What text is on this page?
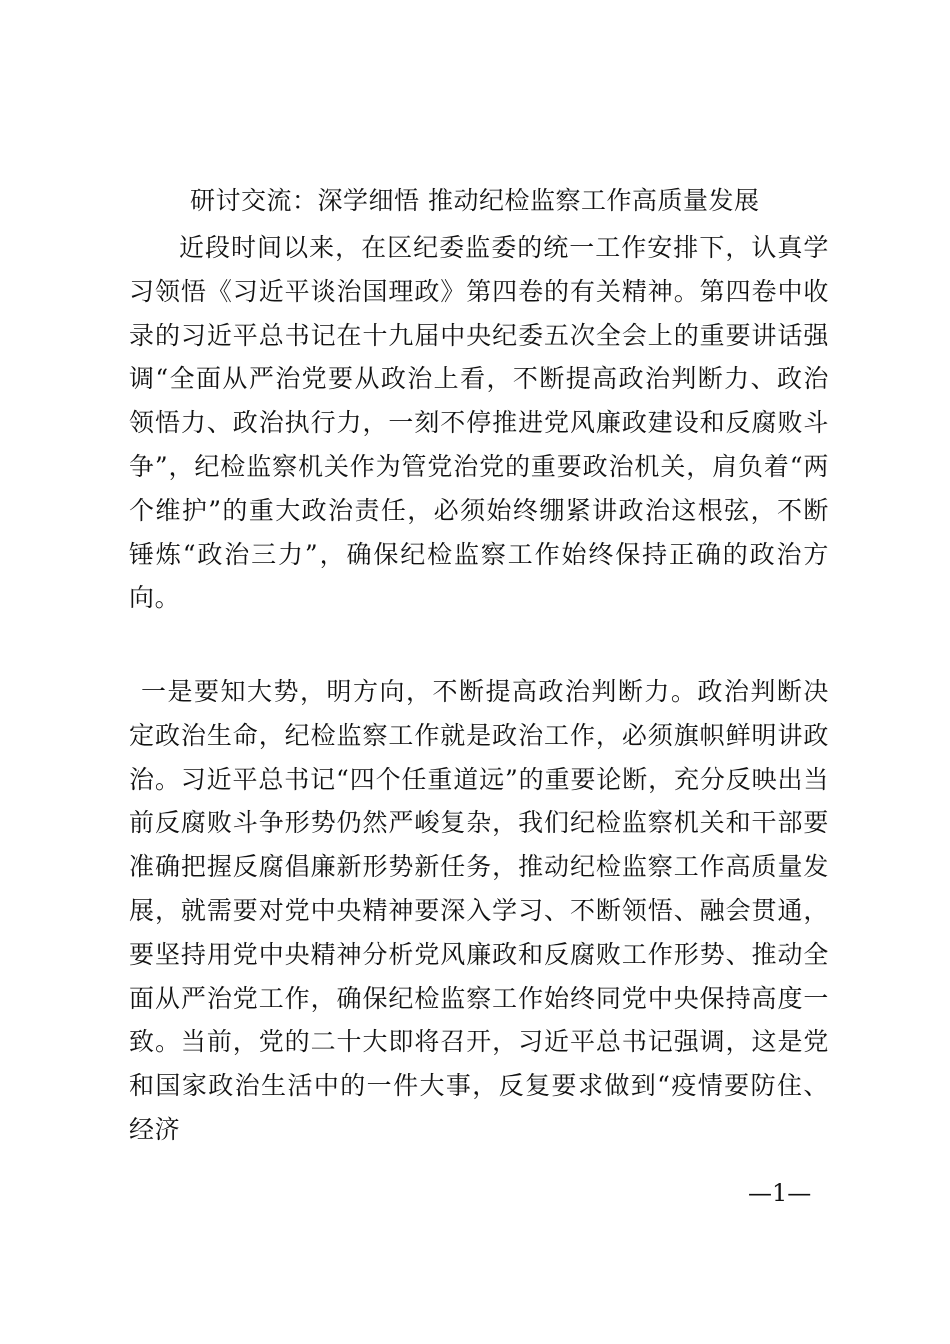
研讨交流：深学细悟 推动纪检监察工作高质量发展

近段时间以来，在区纪委监委的统一工作安排下，认真学习领悟《习近平谈治国理政》第四卷的有关精神。第四卷中收录的习近平总书记在十九届中央纪委五次全会上的重要讲话强调“全面从严治党要从政治上看，不断提高政治判断力、政治领悟力、政治执行力，一刻不停推进党风廉政建设和反腐败斗争”，纪检监察机关作为管党治党的重要政治机关，肩负着“两个维护”的重大政治责任，必须始终绷紧讲政治这根弦，不断锤炼“政治三力”，确保纪检监察工作始终保持正确的政治方向。

一是要知大势，明方向，不断提高政治判断力。政治判断决定政治生命，纪检监察工作就是政治工作，必须旗帜鲜明讲政治。习近平总书记“四个任重道远”的重要论断，充分反映出当前反腐败斗争形势仍然严峻复杂，我们纪检监察机关和干部要准确把握反腐倡廉新形势新任务，推动纪检监察工作高质量发展，就需要对党中央精神要深入学习、不断领悟、融会贯通，要坚持用党中央精神分析党风廉政和反腐败工作形势、推动全面从严治党工作，确保纪检监察工作始终同党中央保持高度一致。当前，党的二十大即将召开，习近平总书记强调，这是党和国家政治生活中的一件大事，反复要求做到“疫情要防住、经济

—1—
